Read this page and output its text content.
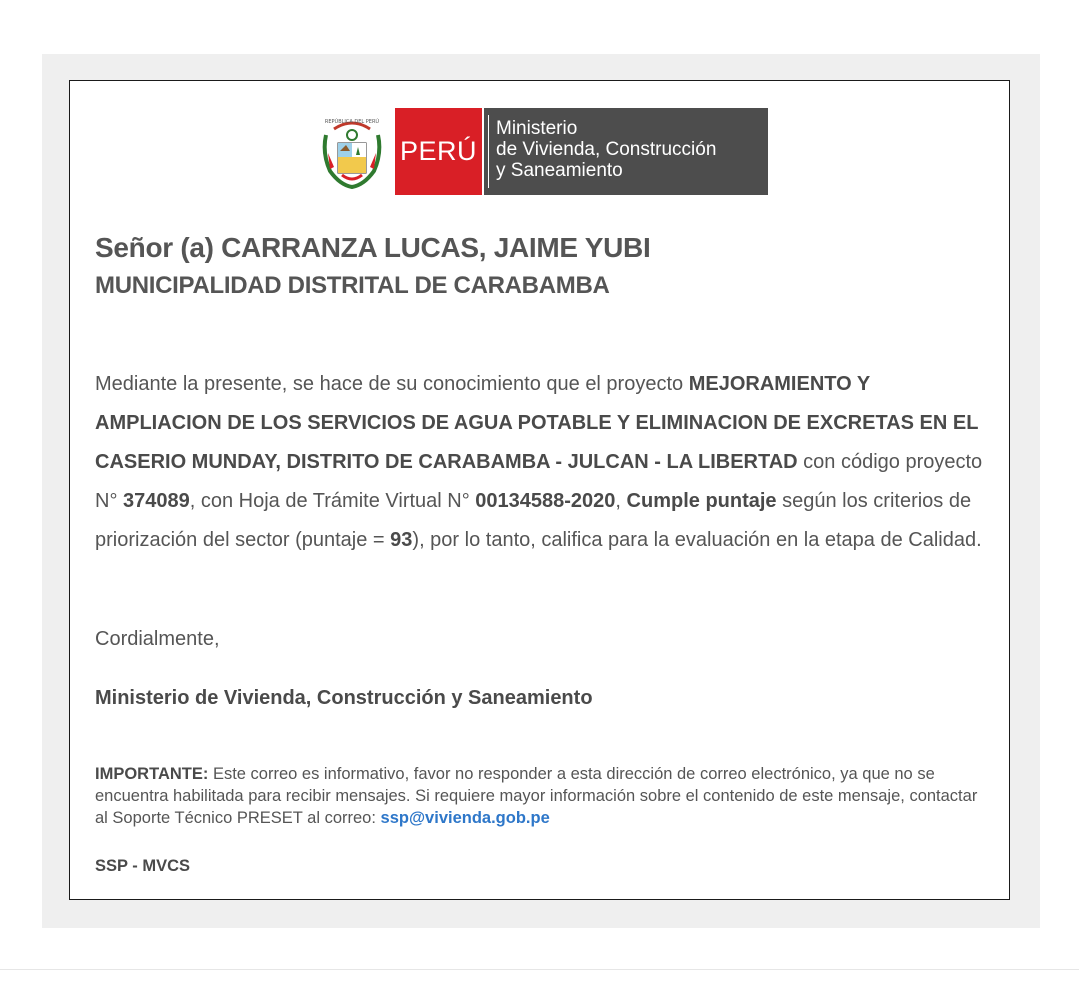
REPÚBLICA DEL PERÚ
PERÚ
Ministerio
de Vivienda, Construcción
y Saneamiento
Señor (a) CARRANZA LUCAS, JAIME YUBI
MUNICIPALIDAD DISTRITAL DE CARABAMBA
Mediante la presente, se hace de su conocimiento que el proyecto MEJORAMIENTO Y AMPLIACION DE LOS SERVICIOS DE AGUA POTABLE Y ELIMINACION DE EXCRETAS EN EL CASERIO MUNDAY, DISTRITO DE CARABAMBA - JULCAN - LA LIBERTAD con código proyecto N° 374089, con Hoja de Trámite Virtual N° 00134588-2020, Cumple puntaje según los criterios de priorización del sector (puntaje = 93), por lo tanto, califica para la evaluación en la etapa de Calidad.
Cordialmente,
Ministerio de Vivienda, Construcción y Saneamiento
IMPORTANTE: Este correo es informativo, favor no responder a esta dirección de correo electrónico, ya que no se encuentra habilitada para recibir mensajes. Si requiere mayor información sobre el contenido de este mensaje, contactar al Soporte Técnico PRESET al correo: ssp@vivienda.gob.pe
SSP - MVCS
